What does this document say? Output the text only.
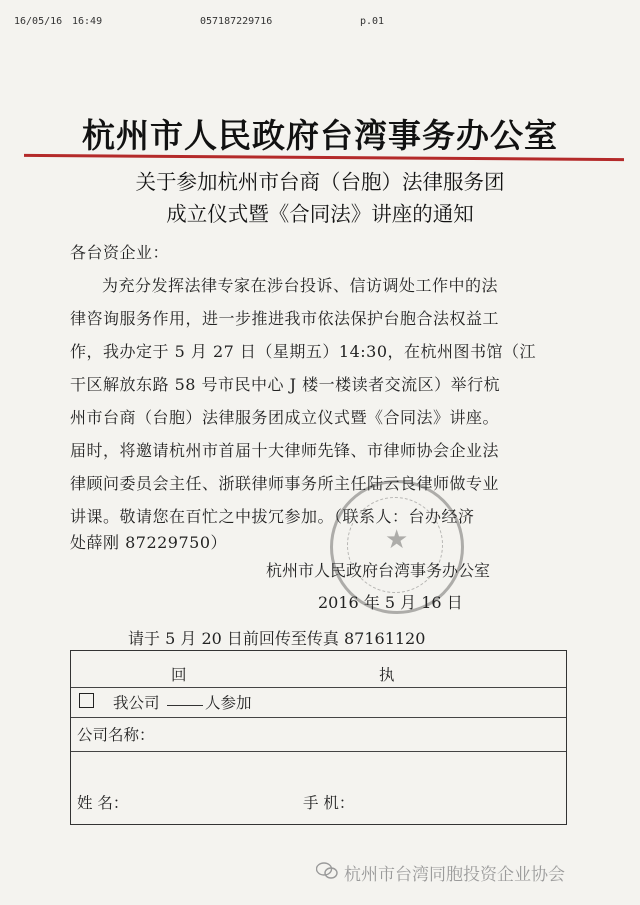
16/05/16 16:49	057187229716	p.01
杭州市人民政府台湾事务办公室
关于参加杭州市台商（台胞）法律服务团
成立仪式暨《合同法》讲座的通知
各台资企业：
为充分发挥法律专家在涉台投诉、信访调处工作中的法
律咨询服务作用，进一步推进我市依法保护台胞合法权益工
作，我办定于 5 月 27 日（星期五）14:30，在杭州图书馆（江
干区解放东路 58 号市民中心 J 楼一楼读者交流区）举行杭
州市台商（台胞）法律服务团成立仪式暨《合同法》讲座。
届时，将邀请杭州市首届十大律师先锋、市律师协会企业法
律顾问委员会主任、浙联律师事务所主任陆云良律师做专业
讲课。敬请您在百忙之中拔冗参加。（联系人：台办经济
处薛刚 87229750）	★
杭州市人民政府台湾事务办公室
2016 年 5 月 16 日
请于 5 月 20 日前回传至传真 87161120
回	执
我公司	人参加
公司名称：
姓 名：	手 机：
杭州市台湾同胞投资企业协会
